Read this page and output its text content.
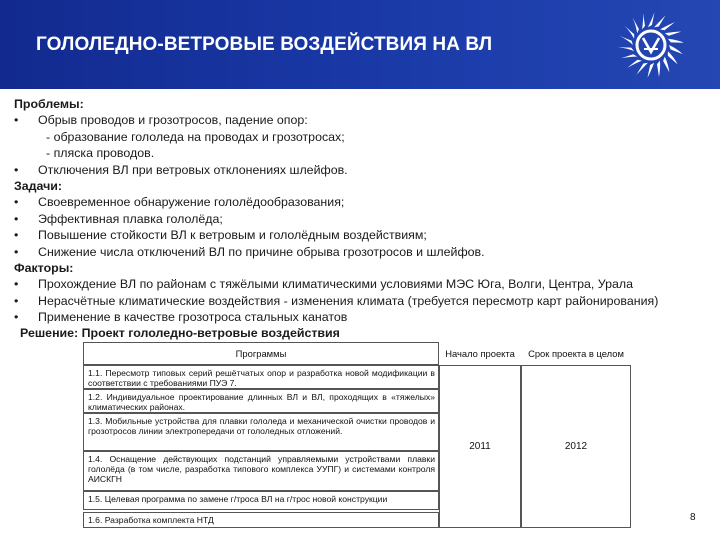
ГОЛОЛЕДНО-ВЕТРОВЫЕ ВОЗДЕЙСТВИЯ НА ВЛ
Проблемы:
• Обрыв проводов и грозотросов, падение опор:
- образование гололеда на проводах и грозотросах;
- пляска проводов.
• Отключения ВЛ при ветровых отклонениях шлейфов.
Задачи:
• Своевременное обнаружение гололёдообразования;
• Эффективная плавка гололёда;
• Повышение стойкости ВЛ к ветровым и гололёдным воздействиям;
• Снижение числа отключений ВЛ по причине обрыва грозотросов и шлейфов.
Факторы:
• Прохождение ВЛ по районам с тяжёлыми климатическими условиями МЭС Юга, Волги, Центра, Урала
• Нерасчётные климатические воздействия - изменения климата (требуется пересмотр карт районирования)
• Применение в качестве грозотроса стальных канатов
Решение: Проект гололедно-ветровые воздействия
Программы	Начало проекта	Срок проекта в целом
1.1. Пересмотр типовых серий решётчатых опор и разработка новой модификации в соответствии с требованиями ПУЭ 7.
1.2. Индивидуальное проектирование длинных ВЛ и ВЛ, проходящих в «тяжелых» климатических районах.
1.3. Мобильные устройства для плавки гололеда и механической очистки проводов и грозотросов линии электропередачи от гололедных отложений.
1.4. Оснащение действующих подстанций управляемыми устройствами плавки гололёда (в том числе, разработка типового комплекса УУПГ) и системами контроля АИСКГН
1.5. Целевая программа по замене г/троса ВЛ на г/трос новой конструкции
1.6. Разработка комплекта НТД
2011	2012
8
